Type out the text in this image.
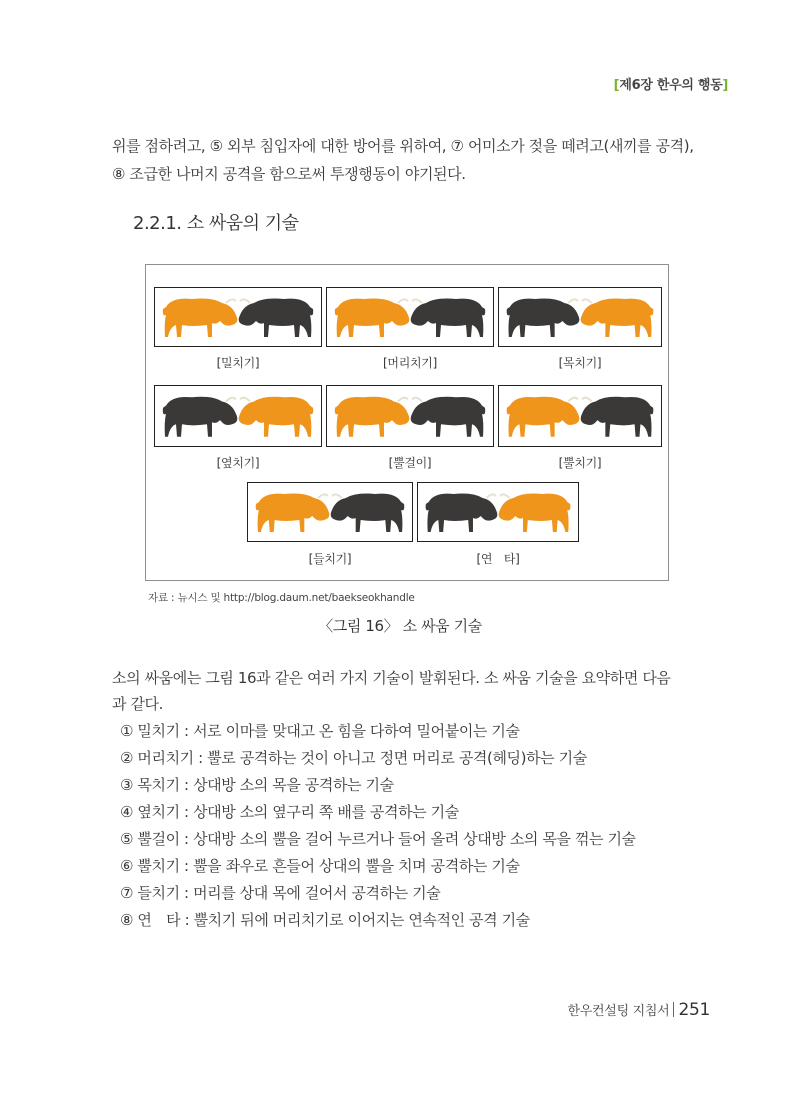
[제6장 한우의 행동]

위를 점하려고, ⑤ 외부 침입자에 대한 방어를 위하여, ⑦ 어미소가 젖을 떼려고(새끼를 공격),

⑧ 조급한 나머지 공격을 함으로써 투쟁행동이 야기된다.

2.2.1. 소 싸움의 기술
[밀치기]	[머리치기]	[목치기]
[옆치기]	[뿔걸이]	[뿔치기]
[들치기]	[연　타]
자료 : 뉴시스 및 http://blog.daum.net/baekseokhandle
〈그림 16〉 소 싸움 기술

소의 싸움에는 그림 16과 같은 여러 가지 기술이 발휘된다. 소 싸움 기술을 요약하면 다음

과 같다.

① 밀치기 : 서로 이마를 맞대고 온 힘을 다하여 밀어붙이는 기술
② 머리치기 : 뿔로 공격하는 것이 아니고 정면 머리로 공격(헤딩)하는 기술
③ 목치기 : 상대방 소의 목을 공격하는 기술
④ 옆치기 : 상대방 소의 옆구리 쪽 배를 공격하는 기술
⑤ 뿔걸이 : 상대방 소의 뿔을 걸어 누르거나 들어 올려 상대방 소의 목을 꺾는 기술
⑥ 뿔치기 : 뿔을 좌우로 흔들어 상대의 뿔을 치며 공격하는 기술
⑦ 들치기 : 머리를 상대 목에 걸어서 공격하는 기술
⑧ 연　타 : 뿔치기 뒤에 머리치기로 이어지는 연속적인 공격 기술
한우컨설팅 지침서 251
